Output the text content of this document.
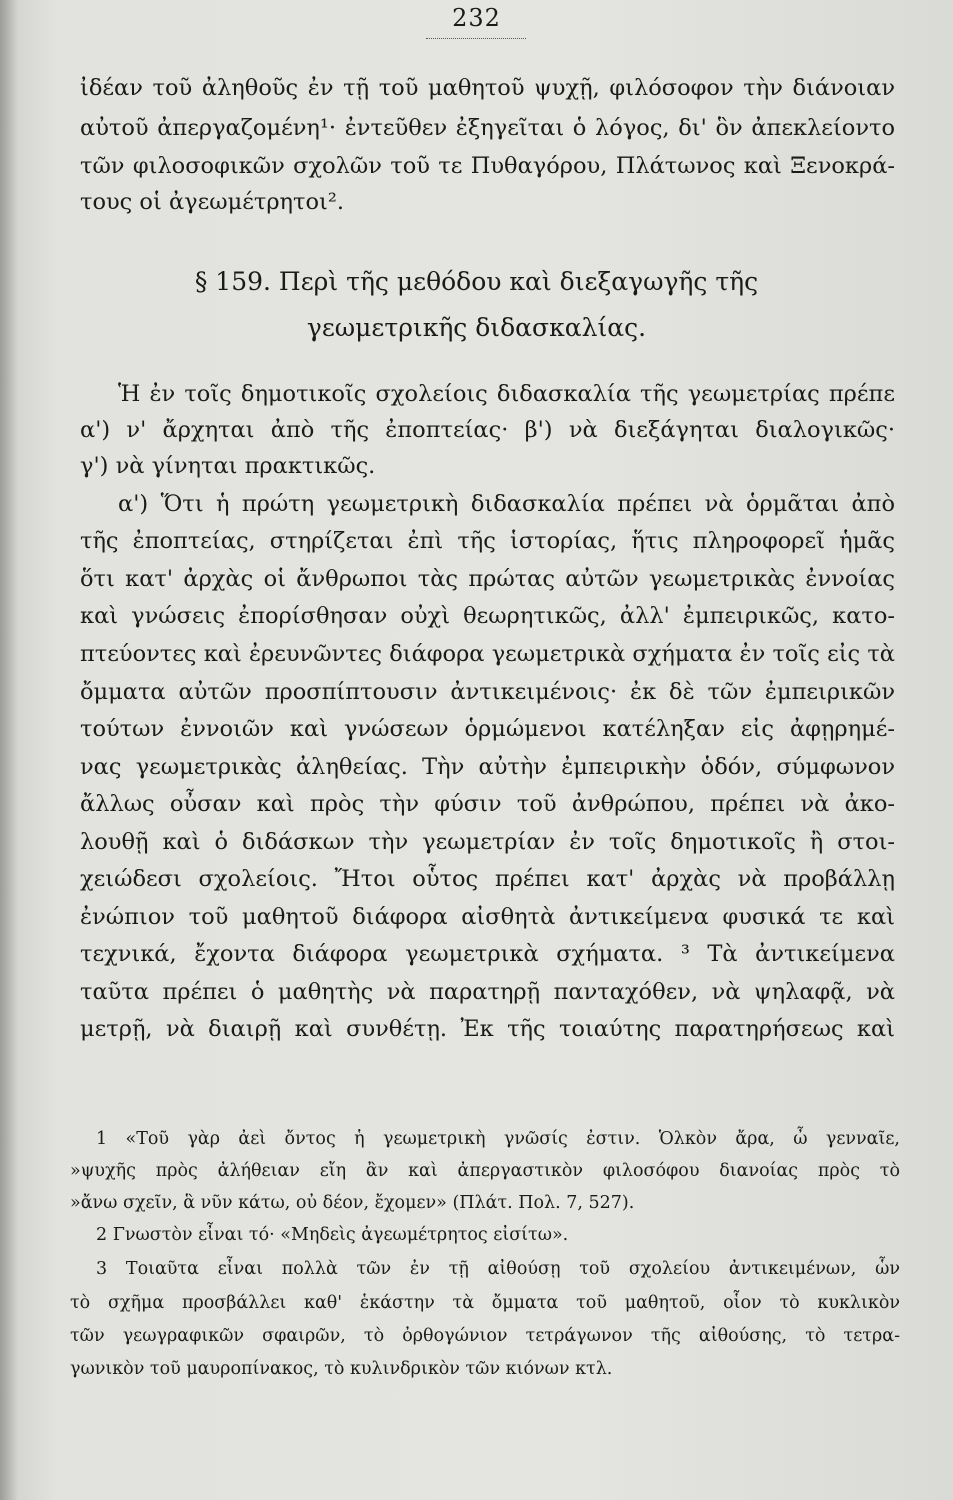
232
ἰδέαν τοῦ ἀληθοῦς ἐν τῇ τοῦ μαθητοῦ ψυχῇ, φιλόσοφον τὴν διάνοιαν
αὐτοῦ ἀπεργαζομένη¹· ἐντεῦθεν ἐξηγεῖται ὁ λόγος, δι' ὃν ἀπεκλείοντο
τῶν φιλοσοφικῶν σχολῶν τοῦ τε Πυθαγόρου, Πλάτωνος καὶ Ξενοκρά-
τους οἱ ἀγεωμέτρητοι².
§ 159. Περὶ τῆς μεθόδου καὶ διεξαγωγῆς τῆς
γεωμετρικῆς διδασκαλίας.
Ἡ ἐν τοῖς δημοτικοῖς σχολείοις διδασκαλία τῆς γεωμετρίας πρέπε
α') ν' ἄρχηται ἀπὸ τῆς ἐποπτείας· β') νὰ διεξάγηται διαλογικῶς·
γ') νὰ γίνηται πρακτικῶς.
α') Ὅτι ἡ πρώτη γεωμετρικὴ διδασκαλία πρέπει νὰ ὁρμᾶται ἀπὸ
τῆς ἐποπτείας, στηρίζεται ἐπὶ τῆς ἱστορίας, ἥτις πληροφορεῖ ἡμᾶς
ὅτι κατ' ἀρχὰς οἱ ἄνθρωποι τὰς πρώτας αὐτῶν γεωμετρικὰς ἐννοίας
καὶ γνώσεις ἐπορίσθησαν οὐχὶ θεωρητικῶς, ἀλλ' ἐμπειρικῶς, κατο-
πτεύοντες καὶ ἐρευνῶντες διάφορα γεωμετρικὰ σχήματα ἐν τοῖς εἰς τὰ
ὄμματα αὐτῶν προσπίπτουσιν ἀντικειμένοις· ἐκ δὲ τῶν ἐμπειρικῶν
τούτων ἐννοιῶν καὶ γνώσεων ὁρμώμενοι κατέληξαν εἰς ἀφῃρημέ-
νας γεωμετρικὰς ἀληθείας. Τὴν αὐτὴν ἐμπειρικὴν ὁδόν, σύμφωνον
ἄλλως οὖσαν καὶ πρὸς τὴν φύσιν τοῦ ἀνθρώπου, πρέπει νὰ ἀκο-
λουθῇ καὶ ὁ διδάσκων τὴν γεωμετρίαν ἐν τοῖς δημοτικοῖς ἢ στοι-
χειώδεσι σχολείοις. Ἤτοι οὗτος πρέπει κατ' ἀρχὰς νὰ προβάλλῃ
ἐνώπιον τοῦ μαθητοῦ διάφορα αἰσθητὰ ἀντικείμενα φυσικά τε καὶ
τεχνικά, ἔχοντα διάφορα γεωμετρικὰ σχήματα. ³ Τὰ ἀντικείμενα
ταῦτα πρέπει ὁ μαθητὴς νὰ παρατηρῇ πανταχόθεν, νὰ ψηλαφᾷ, νὰ
μετρῇ, νὰ διαιρῇ καὶ συνθέτῃ. Ἐκ τῆς τοιαύτης παρατηρήσεως καὶ
1 «Τοῦ γὰρ ἀεὶ ὄντος ἡ γεωμετρικὴ γνῶσίς ἐστιν. Ὁλκὸν ἄρα, ὦ γενναῖε,
»ψυχῆς πρὸς ἀλήθειαν εἴη ἂν καὶ ἀπεργαστικὸν φιλοσόφου διανοίας πρὸς τὸ
»ἄνω σχεῖν, ἃ νῦν κάτω, οὐ δέον, ἔχομεν» (Πλάτ. Πολ. 7, 527).
2 Γνωστὸν εἶναι τό· «Μηδεὶς ἀγεωμέτρητος εἰσίτω».
3 Τοιαῦτα εἶναι πολλὰ τῶν ἐν τῇ αἰθούσῃ τοῦ σχολείου ἀντικειμένων, ὧν
τὸ σχῆμα προσβάλλει καθ' ἑκάστην τὰ ὄμματα τοῦ μαθητοῦ, οἷον τὸ κυκλικὸν
τῶν γεωγραφικῶν σφαιρῶν, τὸ ὀρθογώνιον τετράγωνον τῆς αἰθούσης, τὸ τετρα-
γωνικὸν τοῦ μαυροπίνακος, τὸ κυλινδρικὸν τῶν κιόνων κτλ.
